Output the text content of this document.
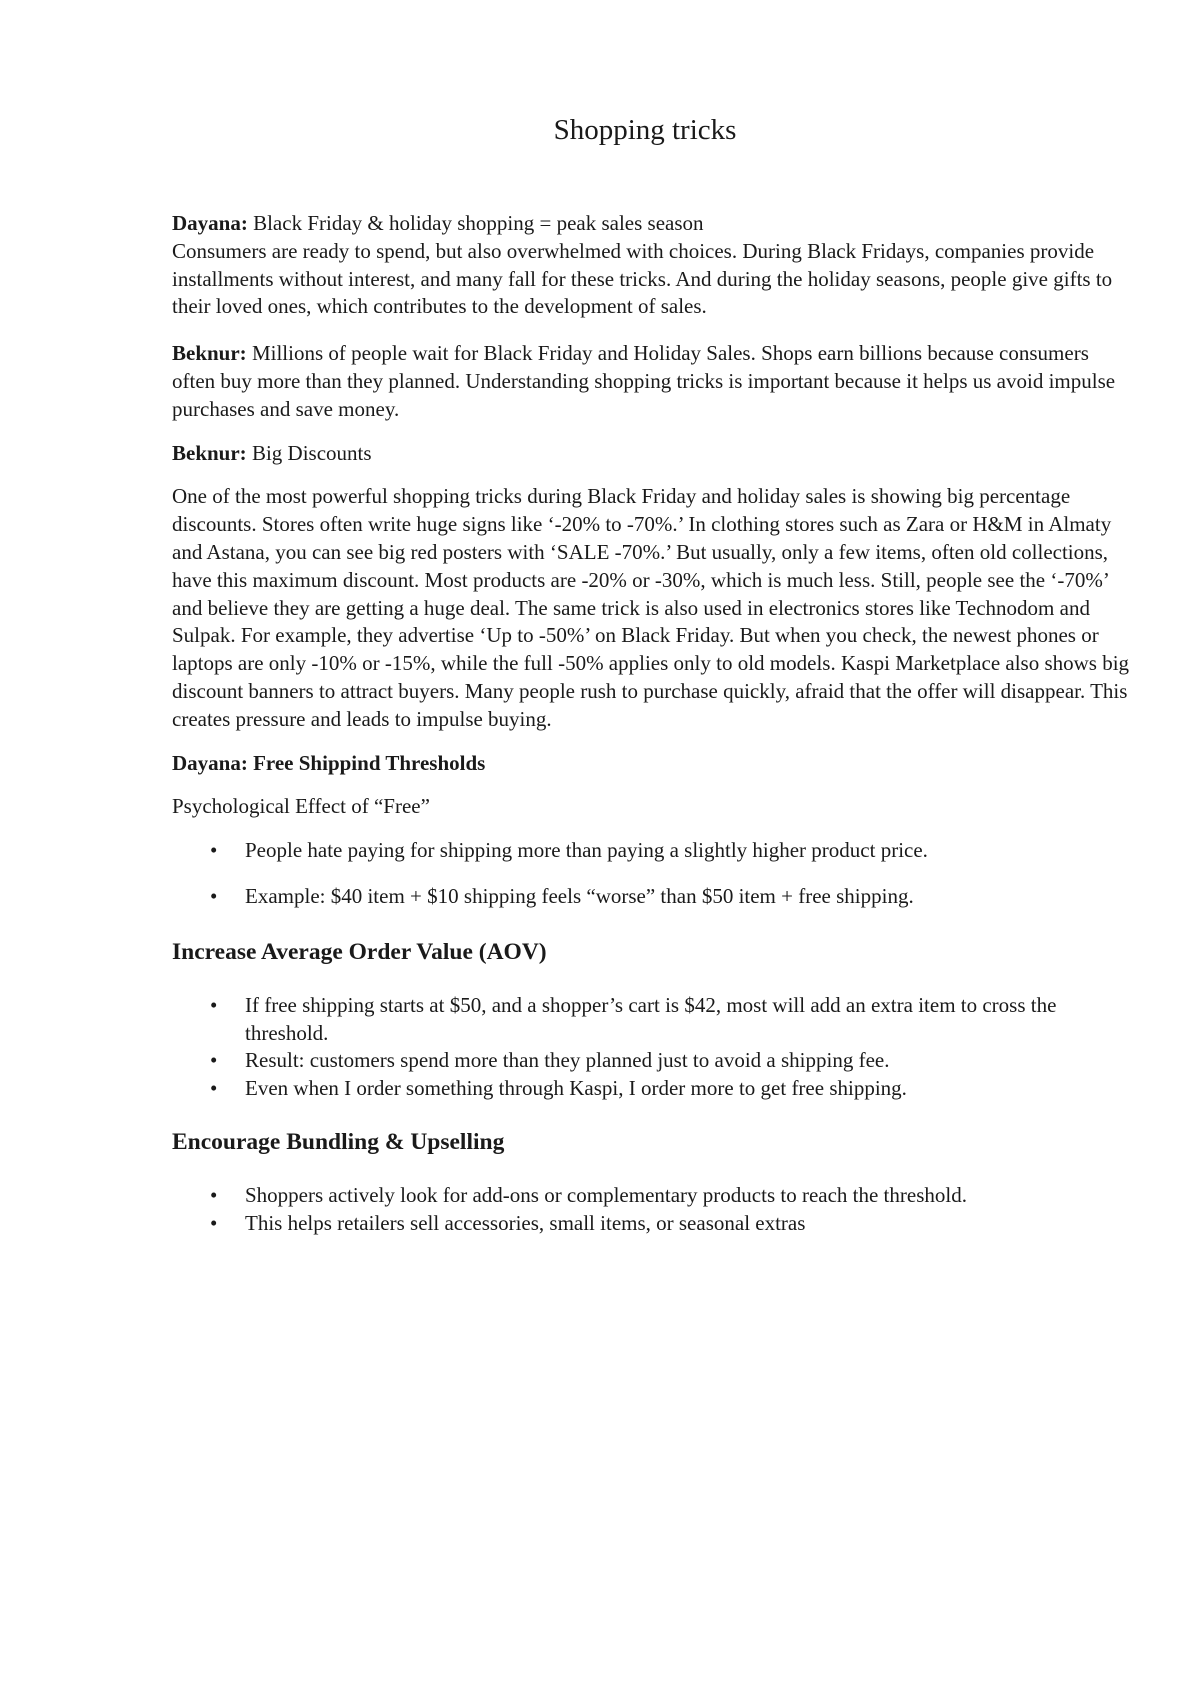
Shopping tricks

Dayana: Black Friday & holiday shopping = peak sales season

Consumers are ready to spend, but also overwhelmed with choices. During Black Fridays, companies provide installments without interest, and many fall for these tricks. And during the holiday seasons, people give gifts to their loved ones, which contributes to the development of sales.

Beknur: Millions of people wait for Black Friday and Holiday Sales. Shops earn billions because consumers often buy more than they planned. Understanding shopping tricks is important because it helps us avoid impulse purchases and save money.

Beknur: Big Discounts

One of the most powerful shopping tricks during Black Friday and holiday sales is showing big percentage discounts. Stores often write huge signs like ‘-20% to -70%.’ In clothing stores such as Zara or H&M in Almaty and Astana, you can see big red posters with ‘SALE -70%.’ But usually, only a few items, often old collections, have this maximum discount. Most products are -20% or -30%, which is much less. Still, people see the ‘-70%’ and believe they are getting a huge deal. The same trick is also used in electronics stores like Technodom and Sulpak. For example, they advertise ‘Up to -50%’ on Black Friday. But when you check, the newest phones or laptops are only -10% or -15%, while the full -50% applies only to old models. Kaspi Marketplace also shows big discount banners to attract buyers. Many people rush to purchase quickly, afraid that the offer will disappear. This creates pressure and leads to impulse buying.

Dayana: Free Shippind Thresholds

Psychological Effect of “Free”

• People hate paying for shipping more than paying a slightly higher product price.
• Example: $40 item + $10 shipping feels “worse” than $50 item + free shipping.

Increase Average Order Value (AOV)

• If free shipping starts at $50, and a shopper’s cart is $42, most will add an extra item to cross the threshold.
• Result: customers spend more than they planned just to avoid a shipping fee.
• Even when I order something through Kaspi, I order more to get free shipping.

Encourage Bundling & Upselling

• Shoppers actively look for add-ons or complementary products to reach the threshold.
• This helps retailers sell accessories, small items, or seasonal extras
